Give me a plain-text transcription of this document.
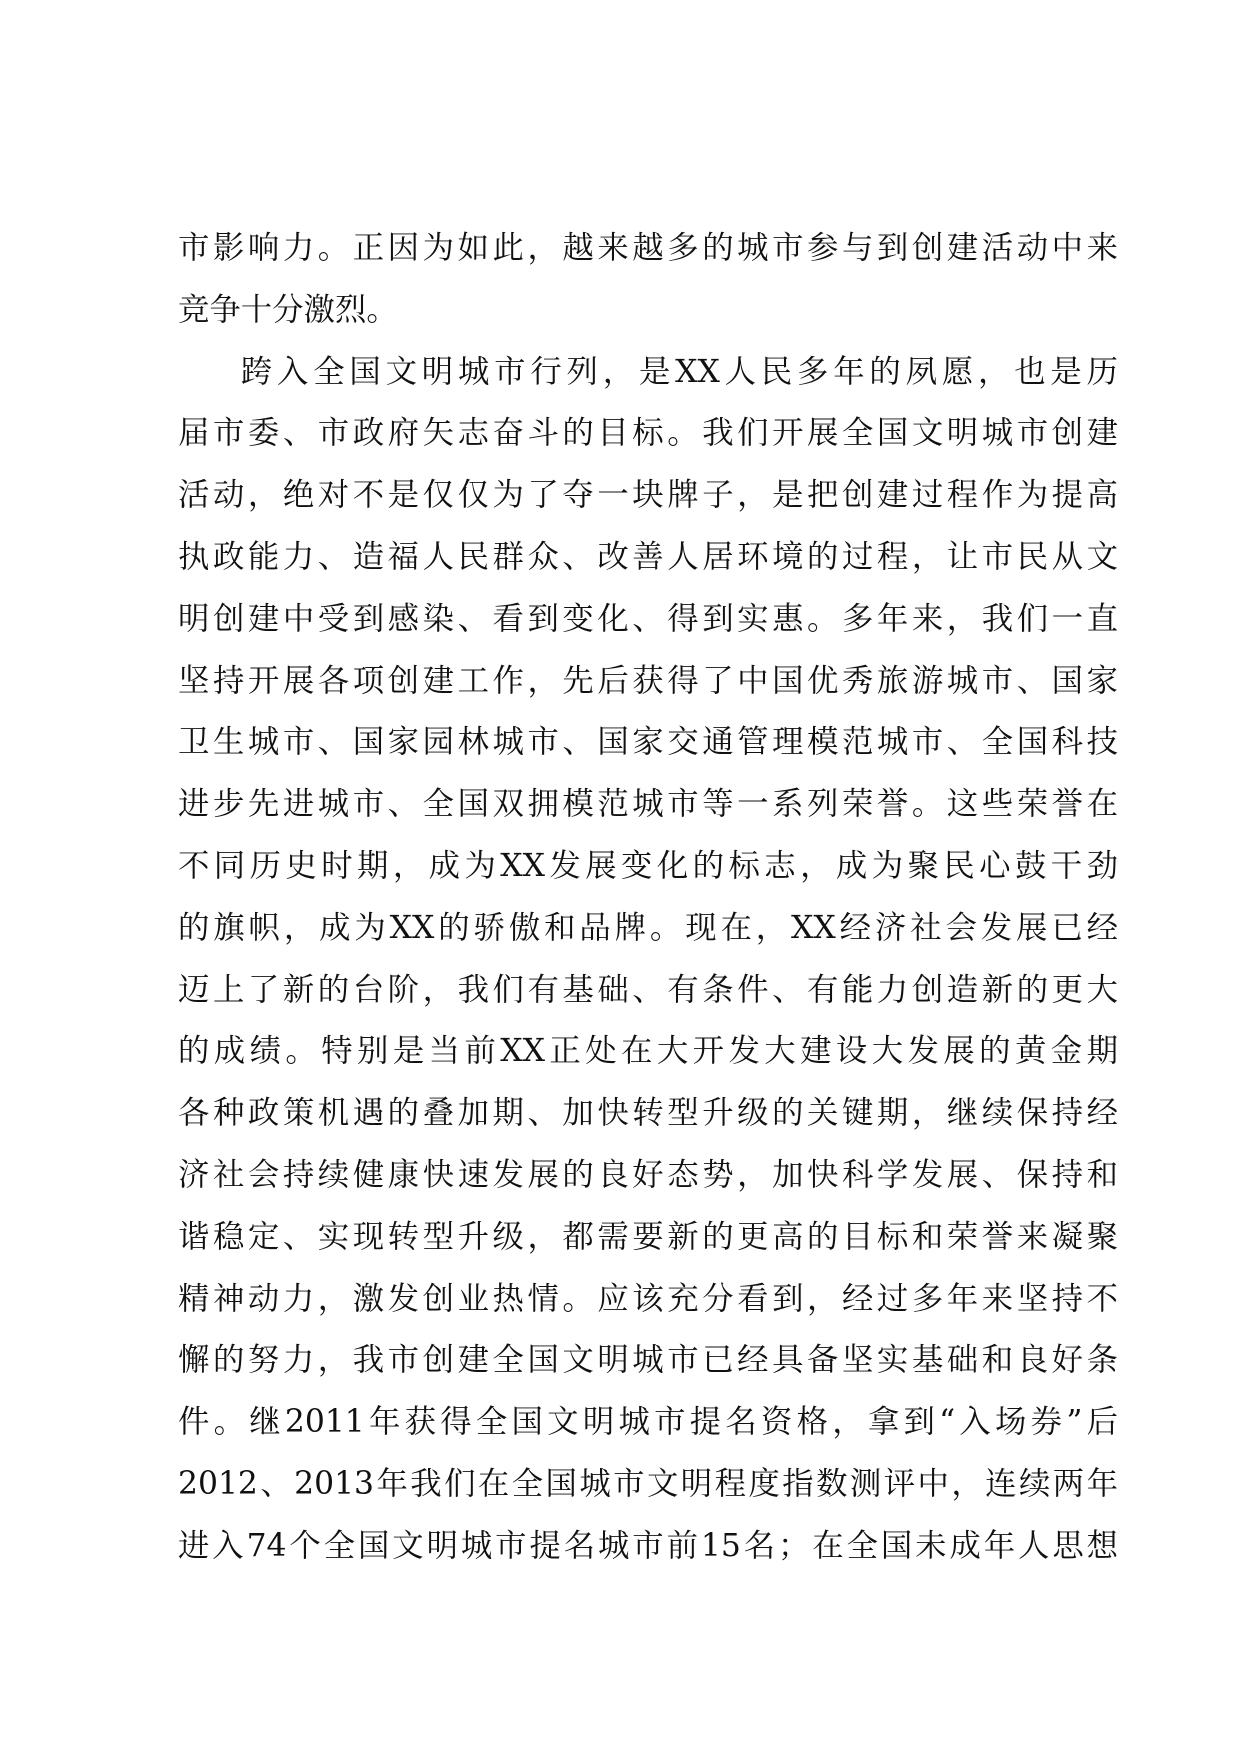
市影响力。正因为如此，越来越多的城市参与到创建活动中来
竞争十分激烈。
跨入全国文明城市行列，是XX人民多年的夙愿，也是历
届市委、市政府矢志奋斗的目标。我们开展全国文明城市创建
活动，绝对不是仅仅为了夺一块牌子，是把创建过程作为提高
执政能力、造福人民群众、改善人居环境的过程，让市民从文
明创建中受到感染、看到变化、得到实惠。多年来，我们一直
坚持开展各项创建工作，先后获得了中国优秀旅游城市、国家
卫生城市、国家园林城市、国家交通管理模范城市、全国科技
进步先进城市、全国双拥模范城市等一系列荣誉。这些荣誉在
不同历史时期，成为XX发展变化的标志，成为聚民心鼓干劲
的旗帜，成为XX的骄傲和品牌。现在，XX经济社会发展已经
迈上了新的台阶，我们有基础、有条件、有能力创造新的更大
的成绩。特别是当前XX正处在大开发大建设大发展的黄金期
各种政策机遇的叠加期、加快转型升级的关键期，继续保持经
济社会持续健康快速发展的良好态势，加快科学发展、保持和
谐稳定、实现转型升级，都需要新的更高的目标和荣誉来凝聚
精神动力，激发创业热情。应该充分看到，经过多年来坚持不
懈的努力，我市创建全国文明城市已经具备坚实基础和良好条
件。继2011年获得全国文明城市提名资格，拿到“入场券”后
2012、2013年我们在全国城市文明程度指数测评中，连续两年
进入74个全国文明城市提名城市前15名；在全国未成年人思想
